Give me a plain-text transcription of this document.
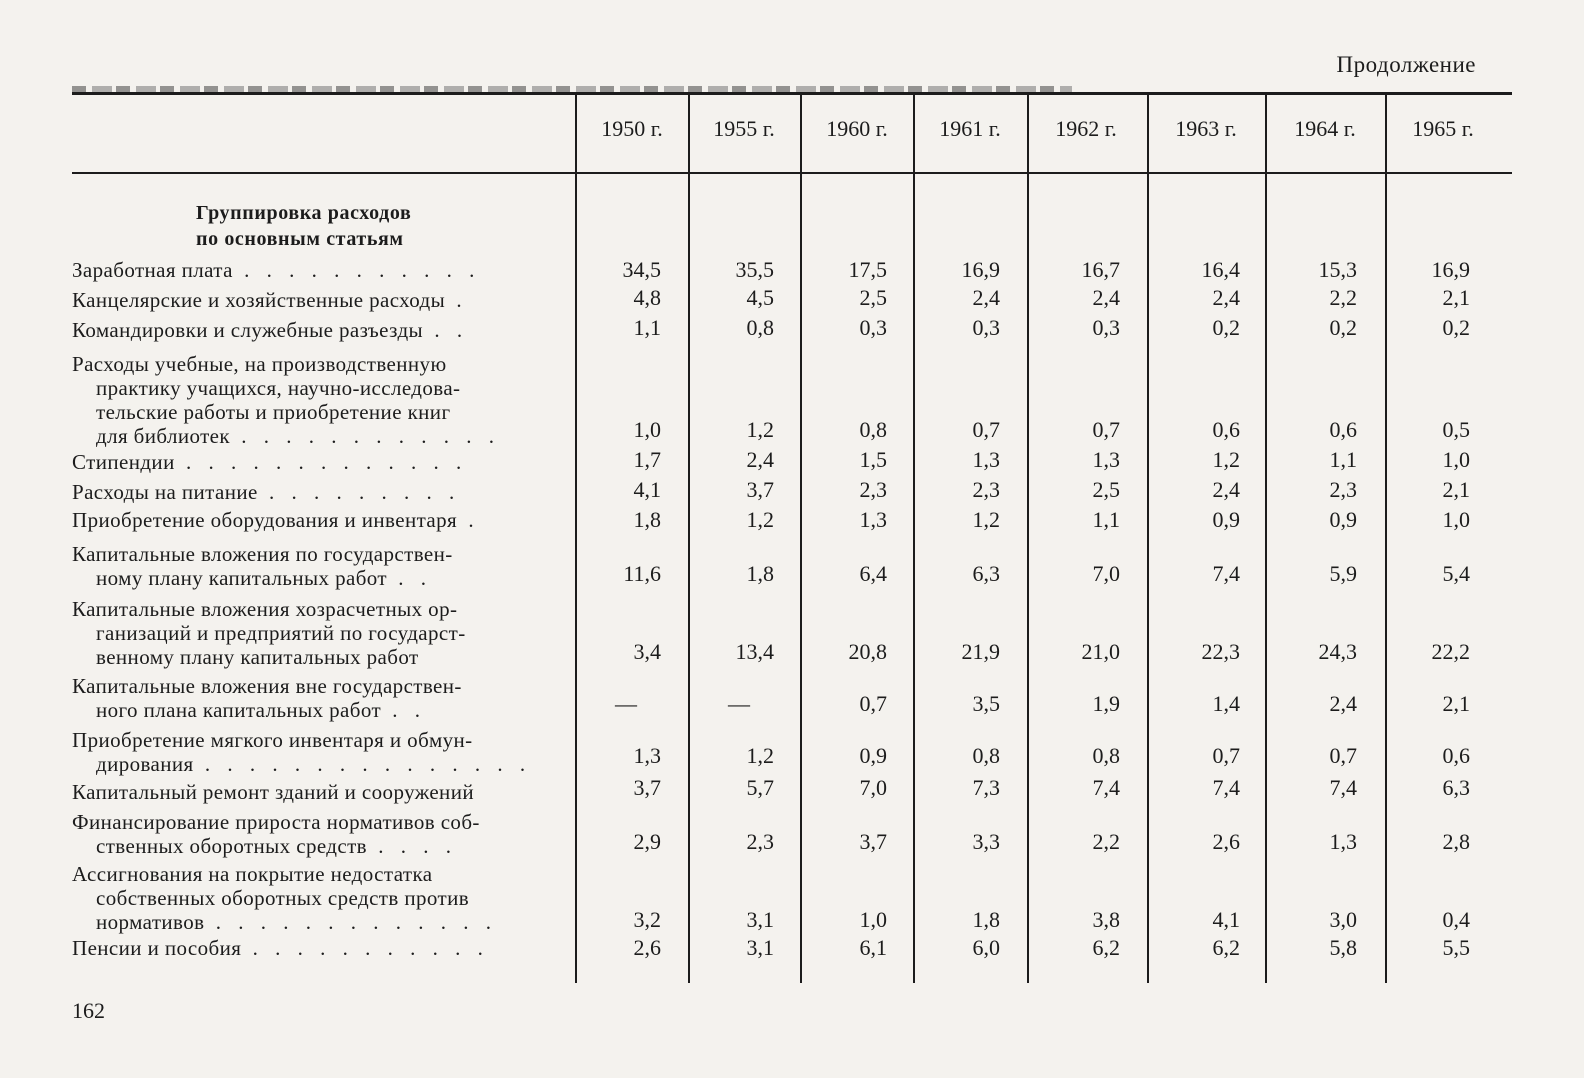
Продолжение
1950 г.	1955 г.	1960 г.	1961 г.	1962 г.	1963 г.	1964 г.	1965 г.
Группировка расходов
по основным статьям
Заработная плата . . . . . . . . . . .	34,5	35,5	17,5	16,9	16,7	16,4	15,3	16,9
Канцелярские и хозяйственные расходы .	4,8	4,5	2,5	2,4	2,4	2,4	2,2	2,1
Командировки и служебные разъезды . .	1,1	0,8	0,3	0,3	0,3	0,2	0,2	0,2
Расходы учебные, на производственную
практику учащихся, научно-исследова-
тельские работы и приобретение книг
для библиотек . . . . . . . . . . . .	1,0	1,2	0,8	0,7	0,7	0,6	0,6	0,5
Стипендии . . . . . . . . . . . . .	1,7	2,4	1,5	1,3	1,3	1,2	1,1	1,0
Расходы на питание . . . . . . . . .	4,1	3,7	2,3	2,3	2,5	2,4	2,3	2,1
Приобретение оборудования и инвентаря .	1,8	1,2	1,3	1,2	1,1	0,9	0,9	1,0
Капитальные вложения по государствен-
ному плану капитальных работ . .	11,6	1,8	6,4	6,3	7,0	7,4	5,9	5,4
Капитальные вложения хозрасчетных ор-
ганизаций и предприятий по государст-
венному плану капитальных работ	3,4	13,4	20,8	21,9	21,0	22,3	24,3	22,2
Капитальные вложения вне государствен-
ного плана капитальных работ . .	—	—	0,7	3,5	1,9	1,4	2,4	2,1
Приобретение мягкого инвентаря и обмун-
дирования . . . . . . . . . . . . . . .	1,3	1,2	0,9	0,8	0,8	0,7	0,7	0,6
Капитальный ремонт зданий и сооружений	3,7	5,7	7,0	7,3	7,4	7,4	7,4	6,3
Финансирование прироста нормативов соб-
ственных оборотных средств . . . .	2,9	2,3	3,7	3,3	2,2	2,6	1,3	2,8
Ассигнования на покрытие недостатка
собственных оборотных средств против
нормативов . . . . . . . . . . . . .	3,2	3,1	1,0	1,8	3,8	4,1	3,0	0,4
Пенсии и пособия . . . . . . . . . . .	2,6	3,1	6,1	6,0	6,2	6,2	5,8	5,5
162
